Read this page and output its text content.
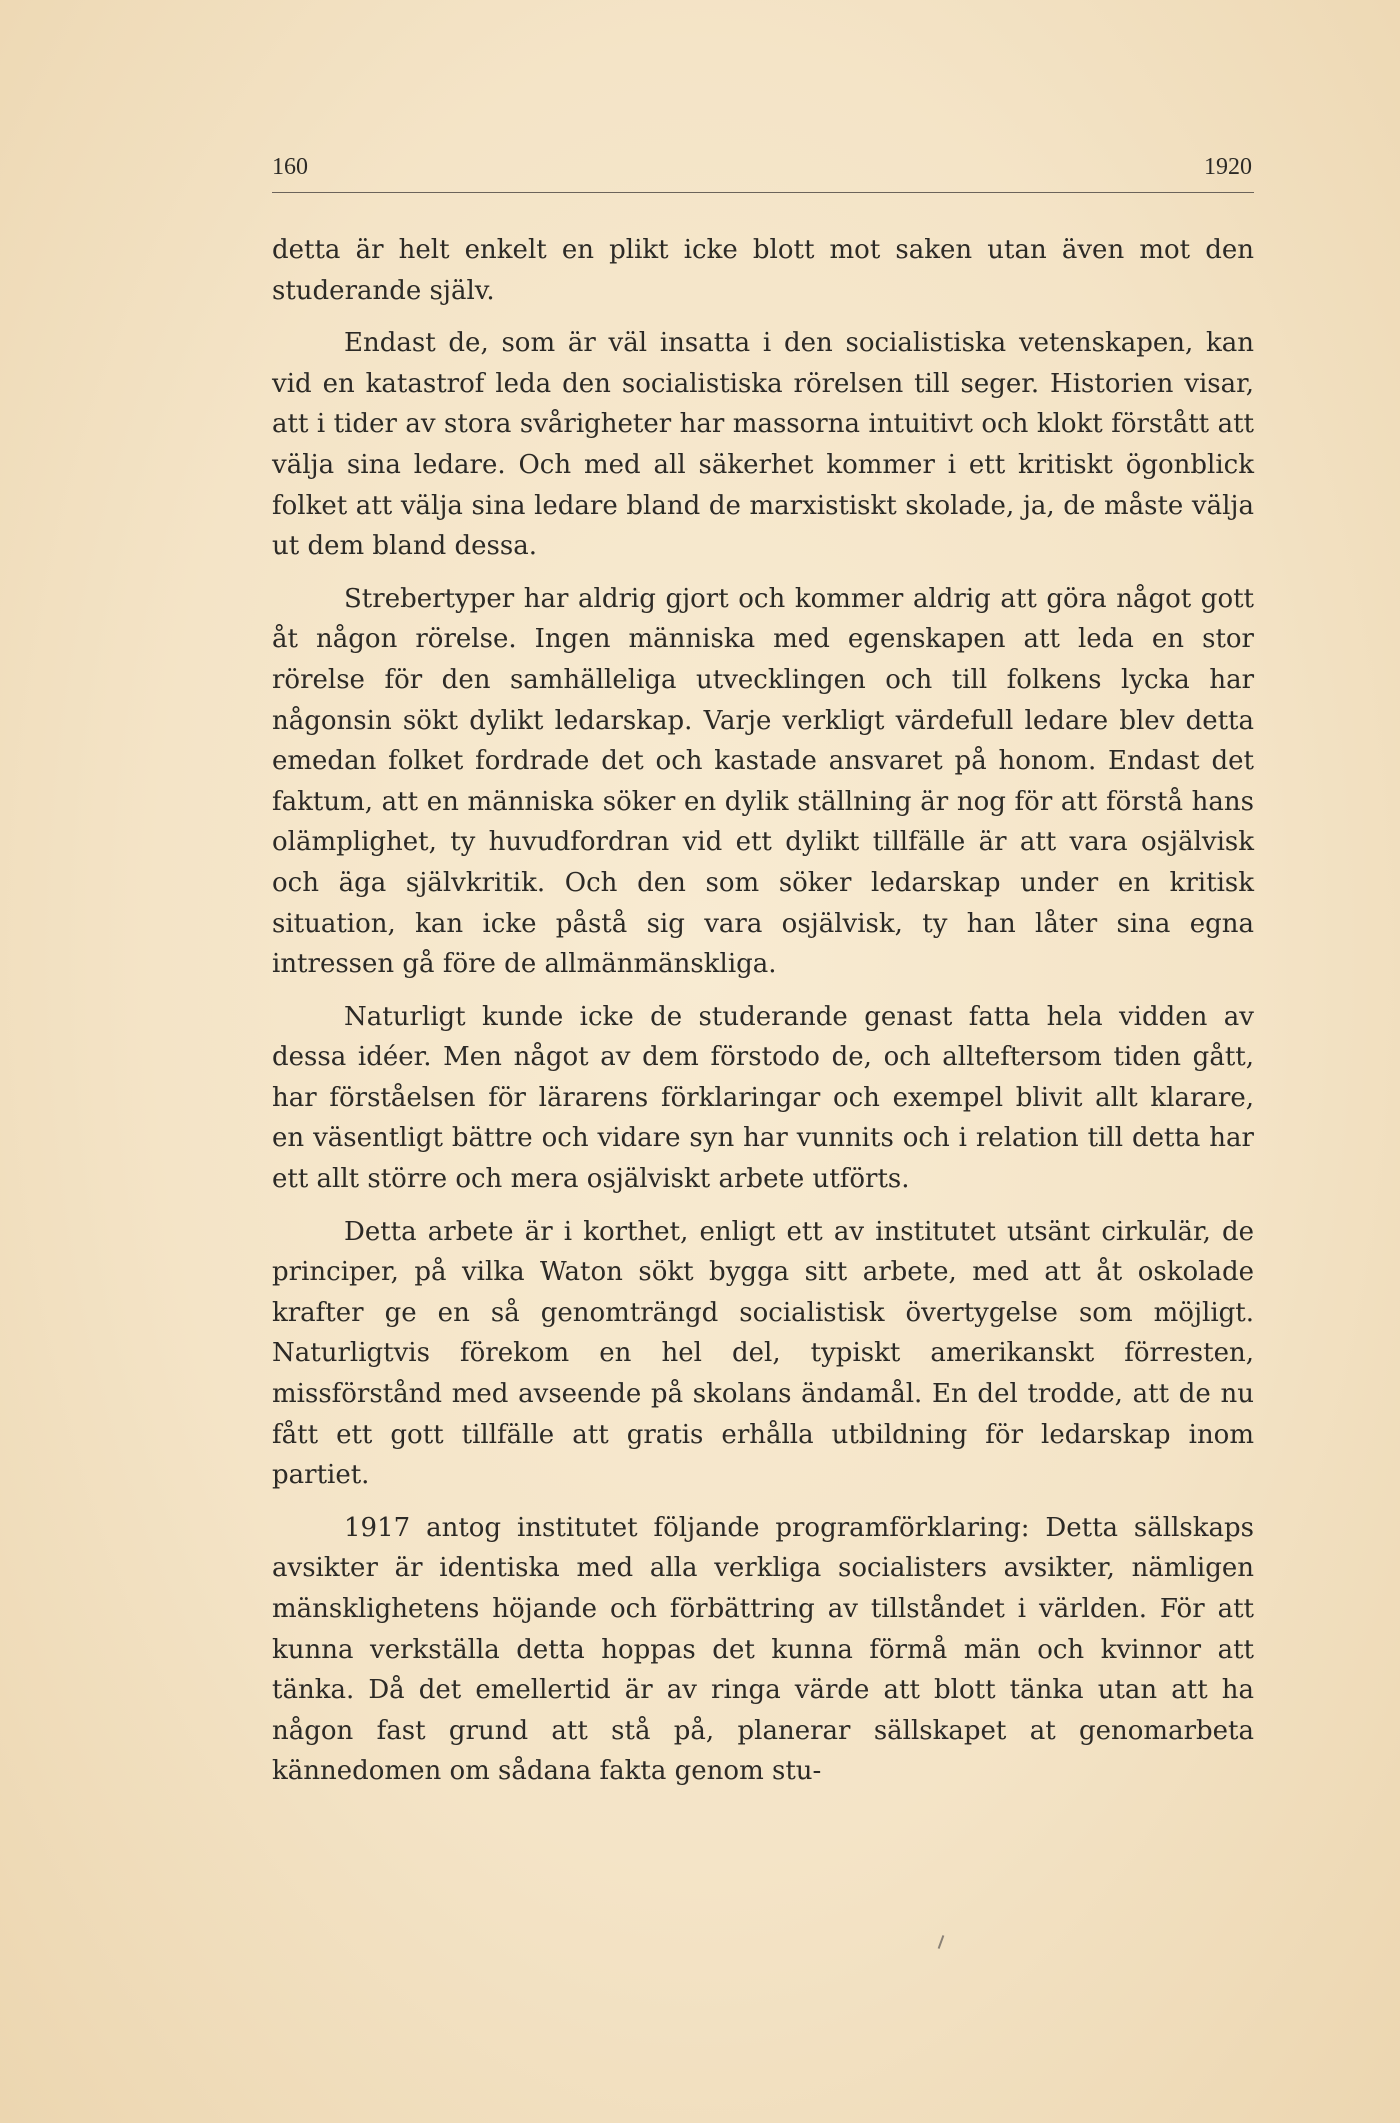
160	1920

detta är helt enkelt en plikt icke blott mot saken utan även mot den studerande själv.

Endast de, som är väl insatta i den socialistiska vetenskapen, kan vid en katastrof leda den socialistiska rörelsen till seger. Historien visar, att i tider av stora svårigheter har massorna intuitivt och klokt förstått att välja sina ledare. Och med all säkerhet kommer i ett kritiskt ögonblick folket att välja sina ledare bland de marxistiskt skolade, ja, de måste välja ut dem bland dessa.

Strebertyper har aldrig gjort och kommer aldrig att göra något gott åt någon rörelse. Ingen människa med egenskapen att leda en stor rörelse för den samhälleliga utvecklingen och till folkens lycka har någonsin sökt dylikt ledarskap. Varje verkligt värdefull ledare blev detta emedan folket fordrade det och kastade ansvaret på honom. Endast det faktum, att en människa söker en dylik ställning är nog för att förstå hans olämplighet, ty huvudfordran vid ett dylikt tillfälle är att vara osjälvisk och äga självkritik. Och den som söker ledarskap under en kritisk situation, kan icke påstå sig vara osjälvisk, ty han låter sina egna intressen gå före de allmänmänskliga.

Naturligt kunde icke de studerande genast fatta hela vidden av dessa idéer. Men något av dem förstodo de, och allteftersom tiden gått, har förståelsen för lärarens förklaringar och exempel blivit allt klarare, en väsentligt bättre och vidare syn har vunnits och i relation till detta har ett allt större och mera osjälviskt arbete utförts.

Detta arbete är i korthet, enligt ett av institutet utsänt cirkulär, de principer, på vilka Waton sökt bygga sitt arbete, med att åt oskolade krafter ge en så genomträngd socialistisk övertygelse som möjligt. Naturligtvis förekom en hel del, typiskt amerikanskt förresten, missförstånd med avseende på skolans ändamål. En del trodde, att de nu fått ett gott tillfälle att gratis erhålla utbildning för ledarskap inom partiet.

1917 antog institutet följande programförklaring: Detta sällskaps avsikter är identiska med alla verkliga socialisters avsikter, nämligen mänsklighetens höjande och förbättring av tillståndet i världen. För att kunna verkställa detta hoppas det kunna förmå män och kvinnor att tänka. Då det emellertid är av ringa värde att blott tänka utan att ha någon fast grund att stå på, planerar sällskapet at genomarbeta kännedomen om sådana fakta genom stu-
